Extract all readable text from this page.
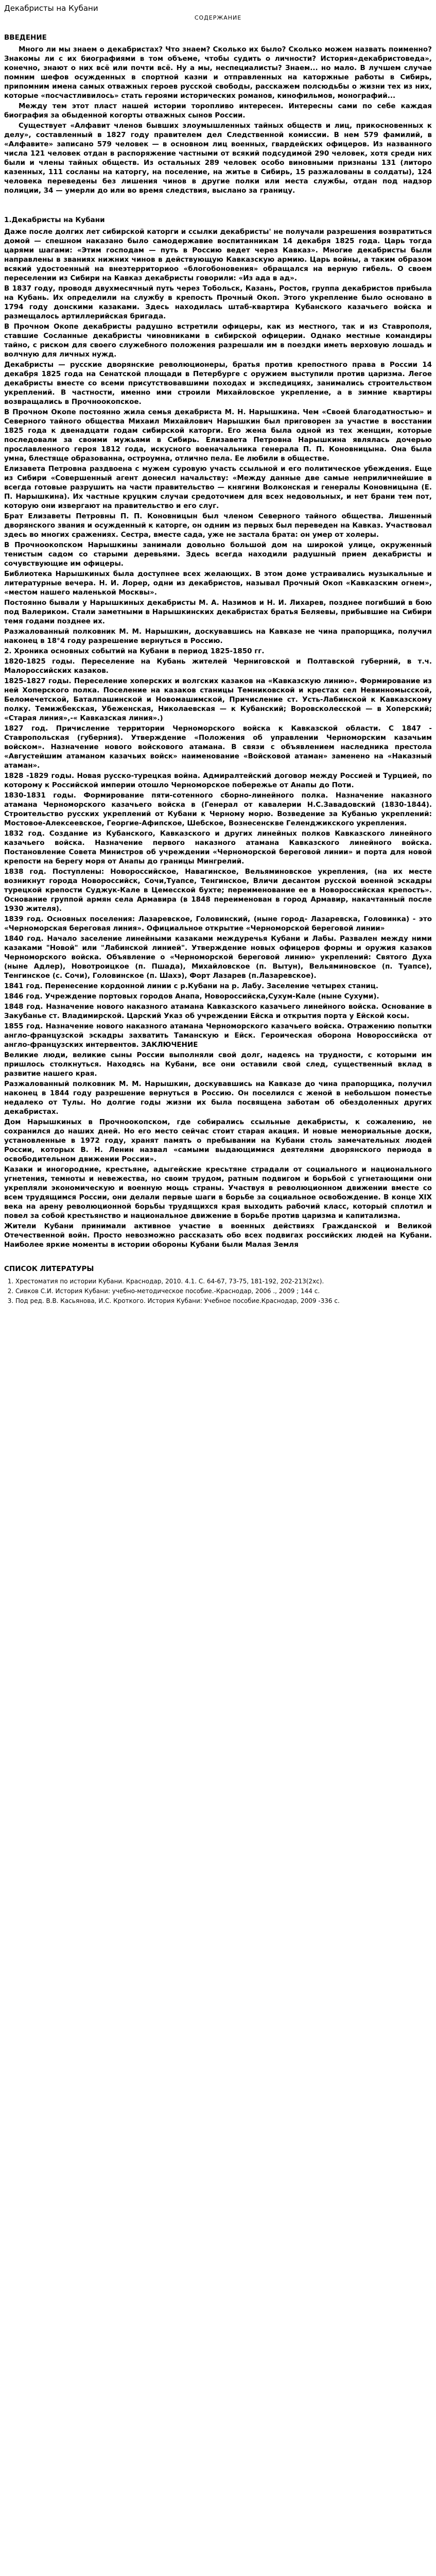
Декабристы на Кубани
СОДЕРЖАНИЕ
ВВЕДЕНИЕ

Много ли мы знаем о декабристах? Что знаем? Сколько их было? Сколько можем назвать поименно? Знакомы ли с их биографиями в том объеме, чтобы судить о личности? История«декабристоведа», конечно, знают о них всё или почти всё. Ну а мы, неспециалисты? Знаем... но мало. В лучшем случае помним шефов осужденных в спортной казни и отправленных на каторжные работы в Сибирь, припомним имена самых отважных героев русской свободы, расскажем полсюдьбы о жизни тех из них, которые «посчастливилось» стать героями исторических романов, кинофильмов, монографий...

Между тем этот пласт нашей истории торопливо интересен. Интересны сами по себе каждая биография за обыденной когорты отважных сынов России.

Существует «Алфавит членов бывших злоумышленных тайных обществ и лиц, прикосновенных к делу», составленный в 1827 году правителем дел Следственной комиссии. В нем 579 фамилий, в «Алфавите» записано 579 человек — в основном лиц военных, гвардейских офицеров. Из названного числа 121 человек отдан в распоряжение частными от всякий подсудимой 290 человек, хотя среди них были и члены тайных обществ. Из остальных 289 человек особо виновными признаны 131 (литоро казенных, 111 сосланы на каторгу, на поселение, на житье в Сибирь, 15 разжалованы в солдаты), 124 человека переведены без лишения чинов в другие полки или места службы, отдан под надзор полиции, 34 — умерли до или во время следствия, выслано за границу.

1.Декабристы на Кубани

Даже после долгих лет сибирской каторги и ссылки декабристы' не получали разрешения возвратиться домой — спешном наказано было самодержавие воспитанникам 14 декабря 1825 года. Царь тогда царями шагами: «Этим господам — путь в Россию ведет через Кавказ». Многие декабристы были направлены в званиях нижних чинов в действующую Кавказскую армию. Царь войны, а таким образом всякий удостоенный на внеэтерриториоо «блогобоновения» обращался на верную гибель. О своем переселении из Сибири на Кавказ декабристы говорили: «Из ада в ад».

В 1837 году, проводя двухмесячный путь через Тобольск, Казань, Ростов, группа декабристов прибыла на Кубань. Их определили на службу в крепость Прочный Окоп. Этого укрепление было основано в 1794 году донскими казаками. Здесь находилась штаб-квартира Кубанского казачьего войска и размещалось артиллерийская бригада.

В Прочном Окопе декабристы радушно встретили офицеры, как из местного, так и из Ставрополя, ставшие Сосланные декабристы чиновниками в сибирской офицерии. Однако местные командиры тайно, с риском для своего служебного положения разрешали им в поездки иметь верховую лошадь и волчную для личных нужд.

Декабристы — русские дворянские революционеры, братья против крепостного права в России 14 декабря 1825 года на Сенатской площади в Петербурге с оружием выступили против царизма. Легое декабристы вместе со всеми присутствовавшими походах и экспедициях, занимались строительством укреплений. В частности, именно ими строили Михайловское укрепление, а в зимние квартиры возвращались в Прочноокопское.

В Прочном Окопе постоянно жила семья декабриста М. Н. Нарышкина. Чем «Своей благодатностью» и Северного тайного общества Михаил Михайлович Нарышкин был приговорен за участие в восстании 1825 года к двенадцати годам сибирской каторги. Его жена была одной из тех женщин, которые последовали за своими мужьями в Сибирь. Елизавета Петровна Нарышкина являлась дочерью прославленного героя 1812 года, искусного военачальника генерала П. П. Коновницына. Она была умна, блестяще образованна, остроумна, отлично пела. Ее любили в обществе.

Елизавета Петровна раздвоена с мужем суровую участь ссыльной и его политическое убеждения. Еще из Сибири «Совершенный агент донесил начальству: «Между данные две самые неприличнейшие в всегда готовые разрушить на части правительство — княгини Волконская и генералы Коновницына (Е. П. Нарышкина). Их частные круцким случаи средоточием для всех недовольных, и нет брани тем пот, которую они извергают на правительство и его слуг.

Брат Елизаветы Петровны П. П. Коновницын был членом Северного тайного общества. Лишенный дворянского звания и осужденный к каторге, он одним из первых был переведен на Кавказ. Участвовал здесь во многих сражениях. Сестра, вместе сада, уже не застала брата: он умер от холеры.

В Прочноокопском Нарышкины занимали довольно большой дом на широкой улице, окруженный тенистым садом со старыми деревьями. Здесь всегда находили радушный прием декабристы и сочувствующие им офицеры.

Библиотека Нарышкиных была доступнее всех желающих. В этом доме устраивались музыкальные и литературные вечера. Н. И. Лорер, одни из декабристов, называл Прочный Окоп «Кавказским огнем», «местом нашего маленькой Москвы».

Постоянно бывали у Нарышкиных декабристы М. А. Назимов и Н. И. Лихарев, позднее погибший в бою под Валериком. Стали заметными в Нарышкинских декабристах братья Беляевы, прибывшие на Сибири темя годами позднее их.

Разжалованный полковник М. М. Нарышкин, доскувавшись на Кавказе не чина прапорщика, получил наконец в 18°4 году разрешение вернуться в Россию.

2. Хроника основных событий на Кубани в период 1825-1850 гг.

1820-1825 годы. Переселение на Кубань жителей Черниговской и Полтавской губерний, в т.ч. Малороссийских казаков.

1825-1827 годы. Переселение хоперских и волгских казаков на «Кавказскую линию». Формирование из ней Хоперского полка. Поселение на казаков станицы Темниковской и крестах сел Невинномысской, Беломечетской, Баталпашинской и Новомашимской, Причисление ст. Усть-Лабинской к Кавказскому полку. Темижбекская, Убеженская, Николаевская — к Кубанский; Воровсколесской — в Хоперский; «Старая линия»,-« Кавказская линия».)

1827 год. Причисление территории Черноморского войска к Кавказской области. С 1847 - Ставропольская (губерния). Утверждение «Положения об управлении Черноморским казачьим войском». Назначение нового войскового атамана. В связи с объявлением наследника престола «Августейшим атаманом казачьих войск» наименование «Войсковой атаман» заменено на «Наказный атаман».

1828 -1829 годы. Новая русско-турецкая война. Адмиралтейский договор между Россией и Турцией, по которому к Российской империи отошло Черноморское побережье от Анапы до Поти.

1830-1831 годы. Формирование пяти-сотенного сборно-линейного полка. Назначение наказного атамана Черноморского казачьего войска в (Генерал от кавалерии Н.С.Завадовский (1830-1844). Строительство русских укреплений от Кубани к Черному морю. Возведение за Кубанью укреплений: Мостовое-Алексеевское, Георгие-Афипское, Шебское, Вознесенскве Геленджикского укрепления.

1832 год. Создание из Кубанского, Кавказского и других линейных полков Кавказского линейного казачьего войска. Назначение первого наказного атамана Кавказского линейного войска. Постановление Совета Министров об учреждении «Черноморской береговой линии» и порта для новой крепости на берегу моря от Анапы до границы Мингрелий.

1838 год. Поступлены: Новороссийское, Навагинское, Вельяминовское укрепления, (на их месте возникнут города Новороссийск, Сочи,Туапсе, Тенгинское, Вличи десантом русской военной эскадры турецкой крепости Суджук-Кале в Цемесской бухте; переименование ее в Новороссийская крепость». Основание группой армян села Армавира (в 1848 переименован в город Армавир, накачтанный после 1930 жителя).

1839 год. Основных поселения: Лазаревское, Головинский, (ныне город- Лазаревска, Головинка) - это «Черноморская береговая линия». Официальное открытие «Черноморской береговой линии»

1840 год. Начало заселение линейными казаками междуречья Кубани и Лабы. Развален между ними казаками "Новой" или "Лабинской линией". Утверждение новых офицеров формы и оружия казаков Черноморского войска. Объявление о «Черноморской береговой линию» укреплений: Святого Духа (ныне Адлер), Новотроицкое (п. Пшада), Михайловское (п. Вытун), Вельяминовское (п. Туапсе), Тенгинское (с. Сочи), Головинское (п. Шахэ), Форт Лазарев (п.Лазаревское).

1841 год. Перенесение кордонной линии с р.Кубани на р. Лабу. Заселение четырех станиц.

1846 год. Учреждение портовых городов Анапа, Новороссийска,Сухум-Кале (ныне Сухуми).

1848 год. Назначение нового наказного атамана Кавказского казачьего линейного войска. Основание в Закубанье ст. Владимирской. Царский Указ об учреждении Ейска и открытия порта у Ейской косы.

1855 год. Назначение нового наказного атамана Черноморского казачьего войска. Отражению попытки англо-французской эскадры захватить Таманскую и Ейск. Героическая оборона Новороссийска от англо-французских интервентов. ЗАКЛЮЧЕНИЕ

Великие люди, великие сыны России выполняли свой долг, надеясь на трудности, с которыми им пришлось столкнуться. Находясь на Кубани, все они оставили свой след, существенный вклад в развитие нашего края.

Разжалованный полковник М. М. Нарышкин, доскувавшись на Кавказе до чина прапорщика, получил наконец в 1844 году разрешение вернуться в Россию. Он поселился с женой в небольшом поместье недалеко от Тулы. Но долгие годы жизни их была посвящена заботам об обездоленных других декабристах.

Дом Нарышкиных в Прочноокопском, где собирались ссыльные декабристы, к сожалению, не сохранился до наших дней. Но его место сейчас стоит старая акация. И новые мемориальные доски, установленные в 1972 году, хранят память о пребывании на Кубани столь замечательных людей России, которых В. Н. Ленин назвал «самыми выдающимися деятелями дворянского периода в освободительном движении России».

Казаки и иногородние, крестьяне, адыгейские кресьтяне страдали от социального и национального угнетения, темноты и невежества, но своим трудом, ратным подвигом и борьбой с угнетающими они укрепляли экономическую и военную мощь страны. Участвуя в революционном движении вместе со всем трудящимся России, они делали первые шаги в борьбе за социальное освобождение. В конце XIX века на арену революционной борьбы трудящихся края выходить рабочий класс, который сплотил и повел за собой крестьянство и национальное движение в борьбе против царизма и капитализма.

Жители Кубани принимали активное участие в военных действиях Гражданской и Великой Отечественной войн. Просто невозможно рассказать обо всех подвигах российских людей на Кубани. Наиболее яркие моменты в истории обороны Кубани были Малая Земля

СПИСОК ЛИТЕРАТУРЫ
1. Хрестоматия по истории Кубани. Краснодар, 2010. 4.1. С. 64-67, 73-75, 181-192, 202-213(2хс).
2. Сивков С.И. История Кубани: учебно-методическое пособие.-Краснодар, 2006 ., 2009 ; 144 с.
3. Под ред. В.В. Касьянова, И.С. Кроткого. История Кубани: Учебное пособие.Краснодар, 2009 -336 с.
